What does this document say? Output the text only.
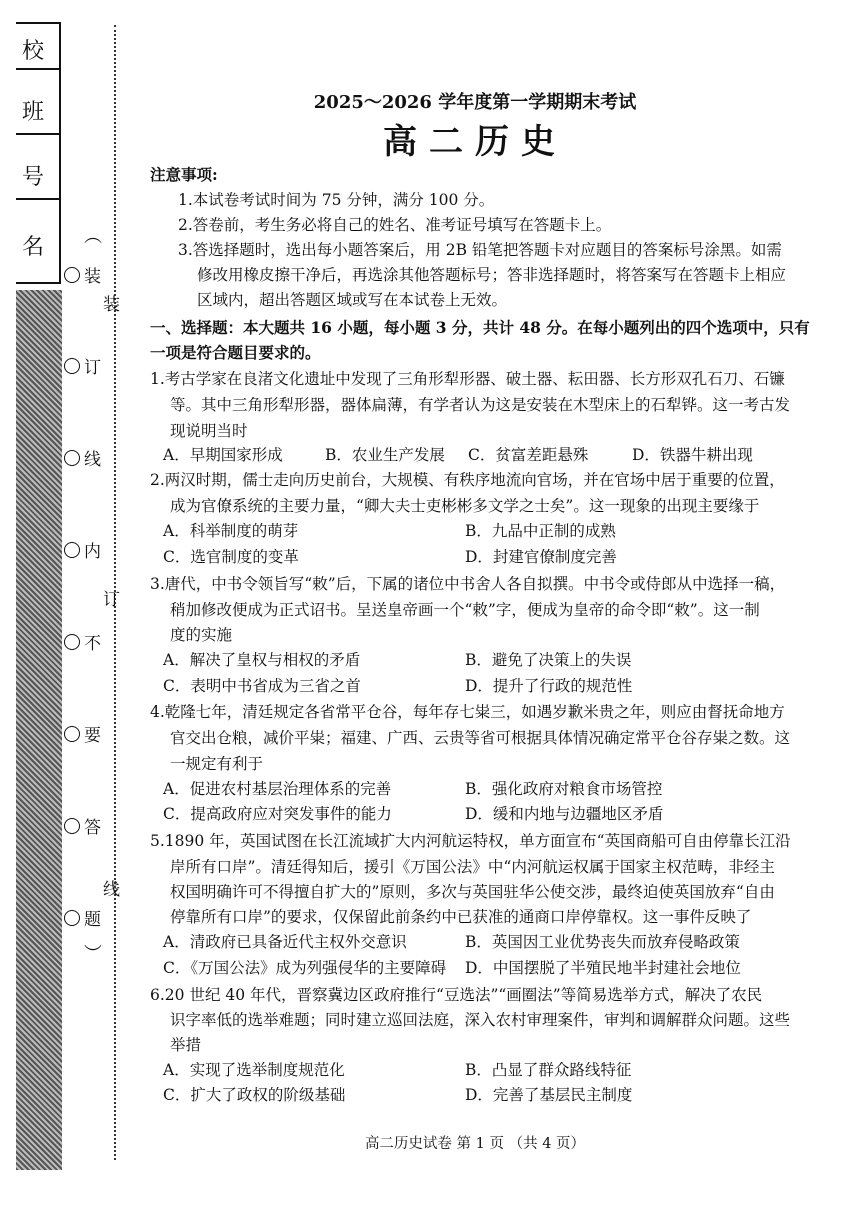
校
班
号
名 ︵
装
订
线
内
不
要
答
题
︶
装
订
线
2025～2026 学年度第一学期期末考试
高二历史
注意事项:
1.本试卷考试时间为 75 分钟，满分 100 分。
2.答卷前，考生务必将自己的姓名、准考证号填写在答题卡上。
3.答选择题时，选出每小题答案后，用 2B 铅笔把答题卡对应题目的答案标号涂黑。如需
修改用橡皮擦干净后，再选涂其他答题标号；答非选择题时，将答案写在答题卡上相应
区域内，超出答题区域或写在本试卷上无效。
一、选择题：本大题共 16 小题，每小题 3 分，共计 48 分。在每小题列出的四个选项中，只有
一项是符合题目要求的。
1.考古学家在良渚文化遗址中发现了三角形犁形器、破土器、耘田器、长方形双孔石刀、石镰
等。其中三角形犁形器，器体扁薄，有学者认为这是安装在木型床上的石犁铧。这一考古发
现说明当时
A．早期国家形成	B．农业生产发展 C．贫富差距悬殊	D．铁器牛耕出现
2.两汉时期，儒士走向历史前台，大规模、有秩序地流向官场，并在官场中居于重要的位置，
成为官僚系统的主要力量，“卿大夫士吏彬彬多文学之士矣”。这一现象的出现主要缘于
A．科举制度的萌芽	B．九品中正制的成熟
C．选官制度的变革	D．封建官僚制度完善
3.唐代，中书令领旨写“敕”后，下属的诸位中书舍人各自拟撰。中书令或侍郎从中选择一稿，
稍加修改便成为正式诏书。呈送皇帝画一个“敕”字，便成为皇帝的命令即“敕”。这一制
度的实施
A．解决了皇权与相权的矛盾	B．避免了决策上的失误
C．表明中书省成为三省之首	D．提升了行政的规范性
4.乾隆七年，清廷规定各省常平仓谷，每年存七粜三，如遇岁歉米贵之年，则应由督抚命地方
官交出仓粮，减价平粜；福建、广西、云贵等省可根据具体情况确定常平仓谷存粜之数。这
一规定有利于
A．促进农村基层治理体系的完善	B．强化政府对粮食市场管控
C．提高政府应对突发事件的能力	D．缓和内地与边疆地区矛盾
5.1890 年，英国试图在长江流域扩大内河航运特权，单方面宣布“英国商船可自由停靠长江沿
岸所有口岸”。清廷得知后，援引《万国公法》中“内河航运权属于国家主权范畴，非经主
权国明确许可不得擅自扩大的”原则，多次与英国驻华公使交涉，最终迫使英国放弃“自由
停靠所有口岸”的要求，仅保留此前条约中已获准的通商口岸停靠权。这一事件反映了
A．清政府已具备近代主权外交意识	B．英国因工业优势丧失而放弃侵略政策
C．《万国公法》成为列强侵华的主要障碍 D．中国摆脱了半殖民地半封建社会地位
6.20 世纪 40 年代，晋察冀边区政府推行“豆选法”“画圈法”等简易选举方式，解决了农民
识字率低的选举难题；同时建立巡回法庭，深入农村审理案件，审判和调解群众问题。这些
举措
A．实现了选举制度规范化	B．凸显了群众路线特征
C．扩大了政权的阶级基础	D．完善了基层民主制度
高二历史试卷 第 1 页 （共 4 页）
